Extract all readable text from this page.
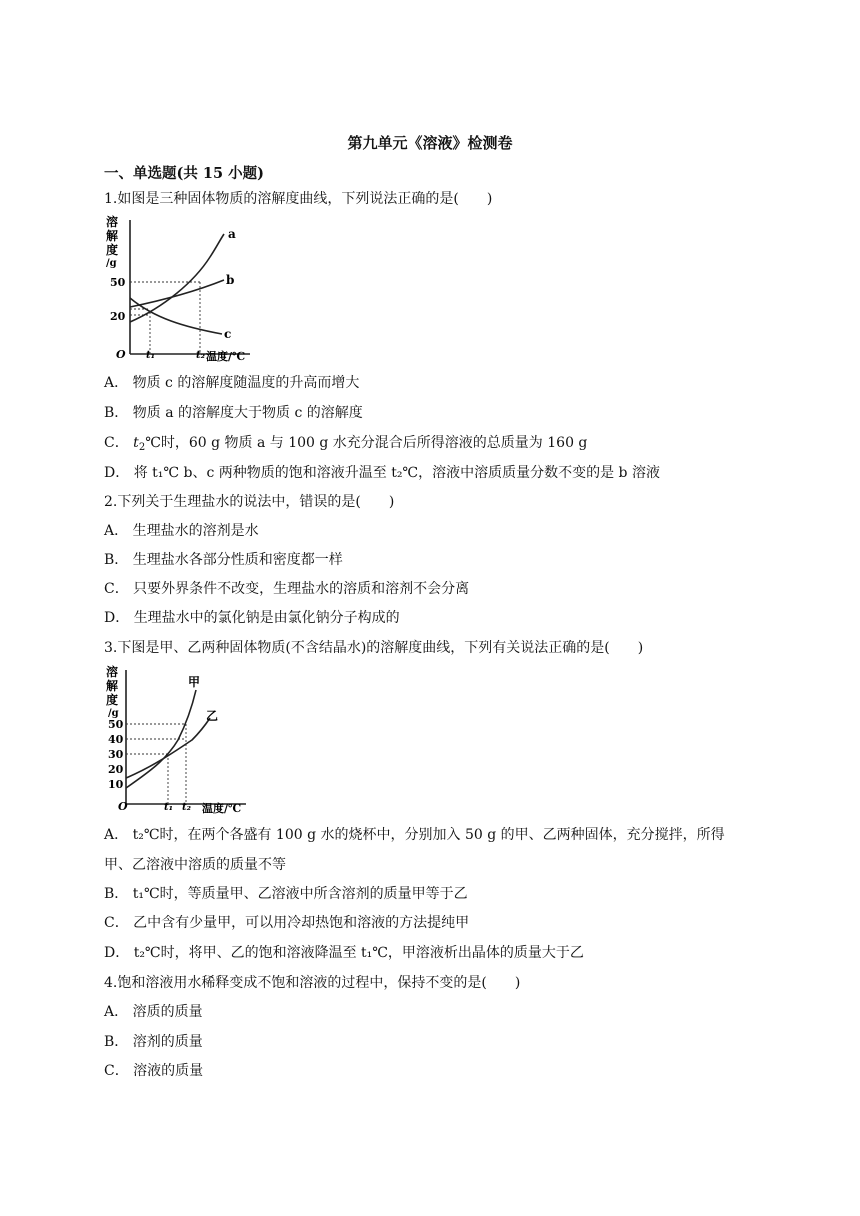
第九单元《溶液》检测卷
一、单选题(共 15 小题)
1.如图是三种固体物质的溶解度曲线，下列说法正确的是(　　)
溶
解
度
/g
50
20
O t₁	t₂ 温度/℃
a
b
c
A． 物质 c 的溶解度随温度的升高而增大
B． 物质 a 的溶解度大于物质 c 的溶解度
C． $t_2℃$时，60 g 物质 a 与 100 g 水充分混合后所得溶液的总质量为 160 g
D． 将 t₁℃ b、c 两种物质的饱和溶液升温至 t₂℃，溶液中溶质质量分数不变的是 b 溶液
2.下列关于生理盐水的说法中，错误的是(　　)
A． 生理盐水的溶剂是水
B． 生理盐水各部分性质和密度都一样
C． 只要外界条件不改变，生理盐水的溶质和溶剂不会分离
D． 生理盐水中的氯化钠是由氯化钠分子构成的
3.下图是甲、乙两种固体物质(不含结晶水)的溶解度曲线，下列有关说法正确的是(　　)
溶
解
度
/g
50
40
30
20
10
O	t₁ t₂ 温度/℃
甲
乙
A． t₂℃时，在两个各盛有 100 g 水的烧杯中，分别加入 50 g 的甲、乙两种固体，充分搅拌，所得
甲、乙溶液中溶质的质量不等
B． t₁℃时，等质量甲、乙溶液中所含溶剂的质量甲等于乙
C． 乙中含有少量甲，可以用冷却热饱和溶液的方法提纯甲
D． t₂℃时，将甲、乙的饱和溶液降温至 t₁℃，甲溶液析出晶体的质量大于乙
4.饱和溶液用水稀释变成不饱和溶液的过程中，保持不变的是(　　)
A． 溶质的质量
B． 溶剂的质量
C． 溶液的质量
